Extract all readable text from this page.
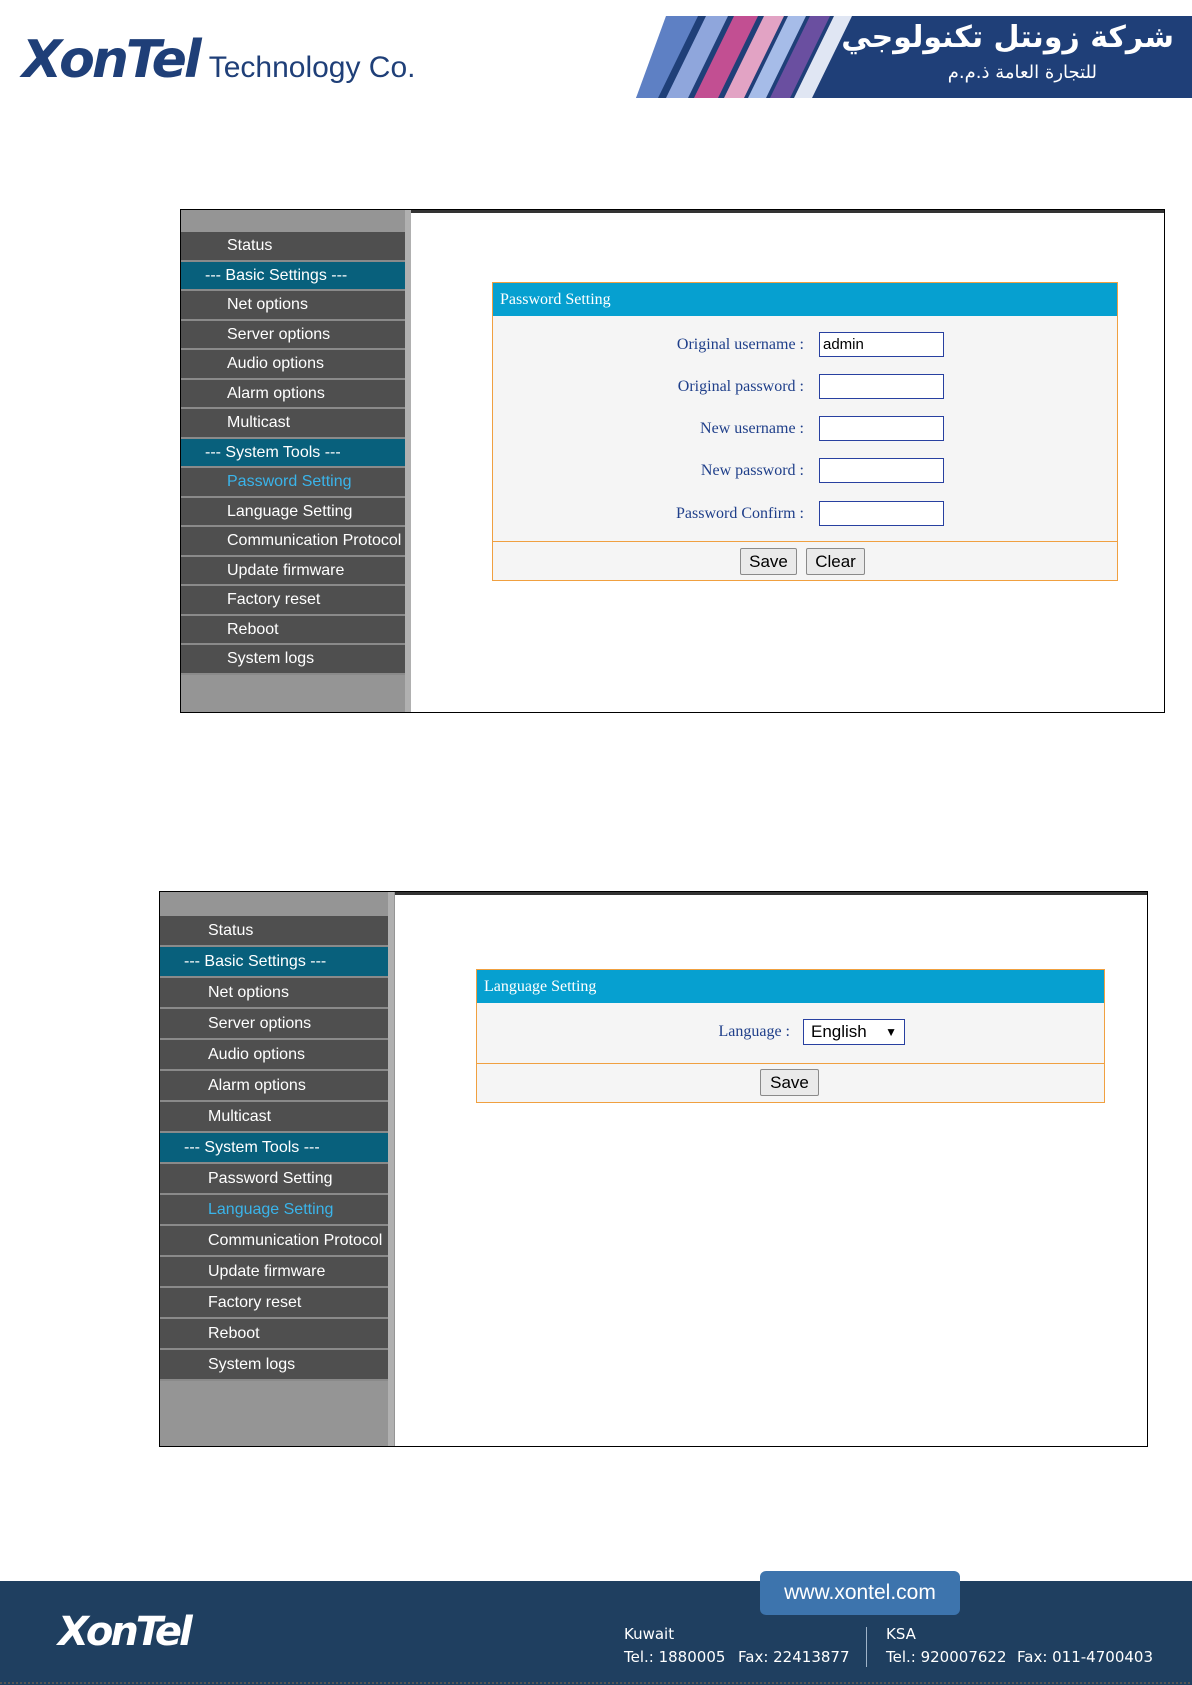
XonTel Technology Co.
شركة زونتل تكنولوجي
للتجارة العامة ذ.م.م
Status
--- Basic Settings ---
Net options
Server options
Audio options
Alarm options
Multicast
--- System Tools ---
Password Setting
Language Setting
Communication Protocol
Update firmware
Factory reset
Reboot
System logs
Password Setting
Original username : admin
Original password :
New username :
New password :
Password Confirm :
Save	Clear
Status
--- Basic Settings ---
Net options
Server options
Audio options
Alarm options
Multicast
--- System Tools ---
Password Setting
Language Setting
Communication Protocol
Update firmware
Factory reset
Reboot
System logs
Language Setting
Language :	English ▼
Save
XonTel
www.xontel.com
Kuwait
Tel.: 1880005 Fax: 22413877
KSA
Tel.: 920007622 Fax: 011-4700403
